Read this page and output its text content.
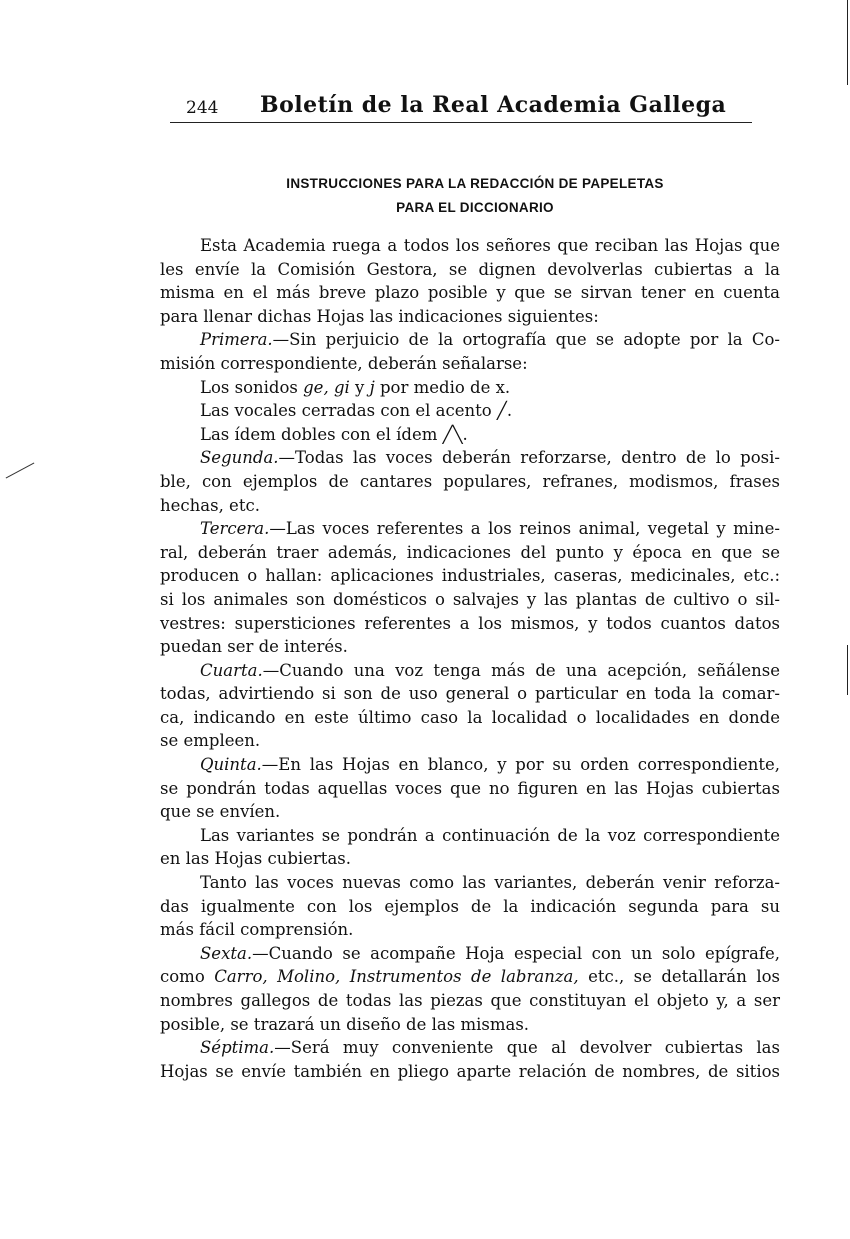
244 Boletín de la Real Academia Gallega
INSTRUCCIONES PARA LA REDACCIÓN DE PAPELETAS
PARA EL DICCIONARIO
Esta Academia ruega a todos los señores que reciban las Hojas que
les envíe la Comisión Gestora, se dignen devolverlas cubiertas a la
misma en el más breve plazo posible y que se sirvan tener en cuenta
para llenar dichas Hojas las indicaciones siguientes:
Primera.—Sin perjuicio de la ortografía que se adopte por la Co-
misión correspondiente, deberán señalarse:
Los sonidos ge, gi y j por medio de x.
Las vocales cerradas con el acento ╱.
Las ídem dobles con el ídem ╱╲.
Segunda.—Todas las voces deberán reforzarse, dentro de lo posi-
ble, con ejemplos de cantares populares, refranes, modismos, frases
hechas, etc.
Tercera.—Las voces referentes a los reinos animal, vegetal y mine-
ral, deberán traer además, indicaciones del punto y época en que se
producen o hallan: aplicaciones industriales, caseras, medicinales, etc.:
si los animales son domésticos o salvajes y las plantas de cultivo o sil-
vestres: supersticiones referentes a los mismos, y todos cuantos datos
puedan ser de interés.
Cuarta.—Cuando una voz tenga más de una acepción, señálense
todas, advirtiendo si son de uso general o particular en toda la comar-
ca, indicando en este último caso la localidad o localidades en donde
se empleen.
Quinta.—En las Hojas en blanco, y por su orden correspondiente,
se pondrán todas aquellas voces que no figuren en las Hojas cubiertas
que se envíen.
Las variantes se pondrán a continuación de la voz correspondiente
en las Hojas cubiertas.
Tanto las voces nuevas como las variantes, deberán venir reforza-
das igualmente con los ejemplos de la indicación segunda para su
más fácil comprensión.
Sexta.—Cuando se acompañe Hoja especial con un solo epígrafe,
como Carro, Molino, Instrumentos de labranza, etc., se detallarán los
nombres gallegos de todas las piezas que constituyan el objeto y, a ser
posible, se trazará un diseño de las mismas.
Séptima.—Será muy conveniente que al devolver cubiertas las
Hojas se envíe también en pliego aparte relación de nombres, de sitios
